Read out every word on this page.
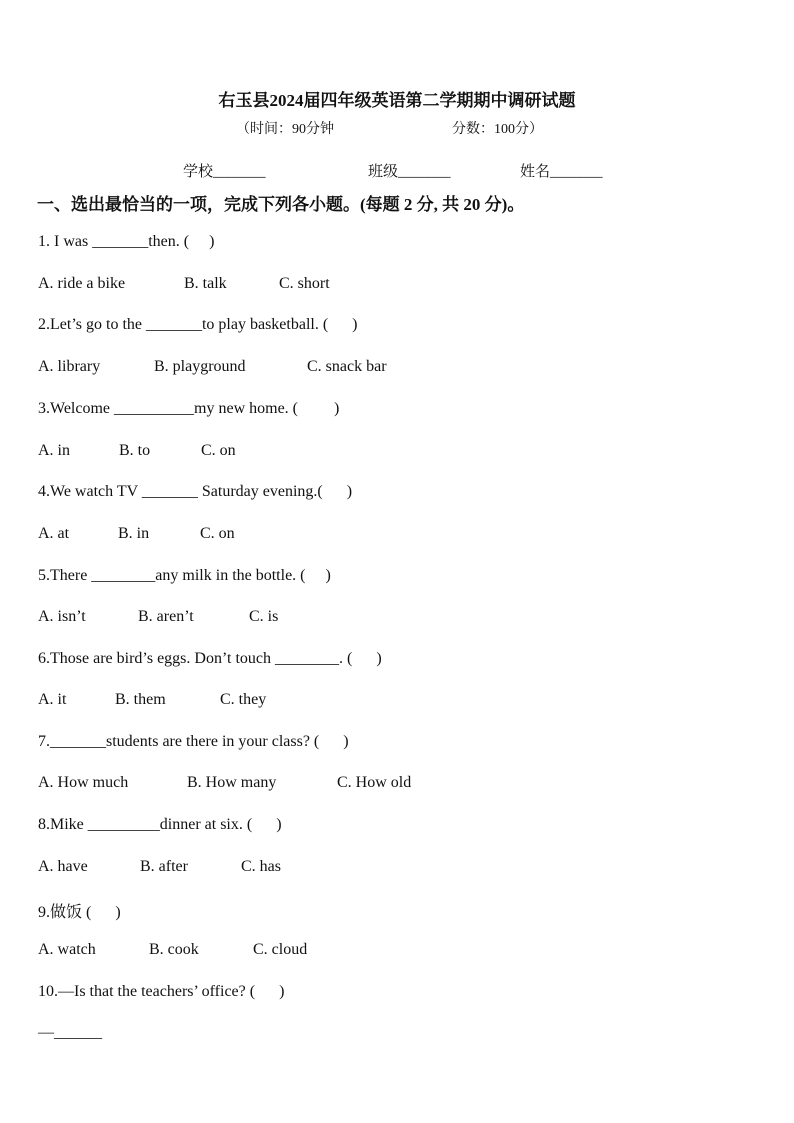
右玉县2024届四年级英语第二学期期中调研试题
（时间：90分钟	分数：100分）
学校_______	班级_______	姓名_______
一、选出最恰当的一项，完成下列各小题。(每题 2 分, 共 20 分)。
1. I was _______then. (     )
A. ride a bike	B. talk	C. short
2.Let’s go to the _______to play basketball. (      )
A. library	B. playground	C. snack bar
3.Welcome __________my new home. (         )
A. in	B. to	C. on
4.We watch TV _______ Saturday evening.(      )
A. at	B. in	C. on
5.There ________any milk in the bottle. (     )
A. isn’t	B. aren’t	C. is
6.Those are bird’s eggs. Don’t touch ________. (      )
A. it	B. them	C. they
7._______students are there in your class? (      )
A. How much	B. How many	C. How old
8.Mike _________dinner at six. (      )
A. have	B. after	C. has
9.做饭 (      )
A. watch	B. cook	C. cloud
10.—Is that the teachers’ office? (      )
—______
